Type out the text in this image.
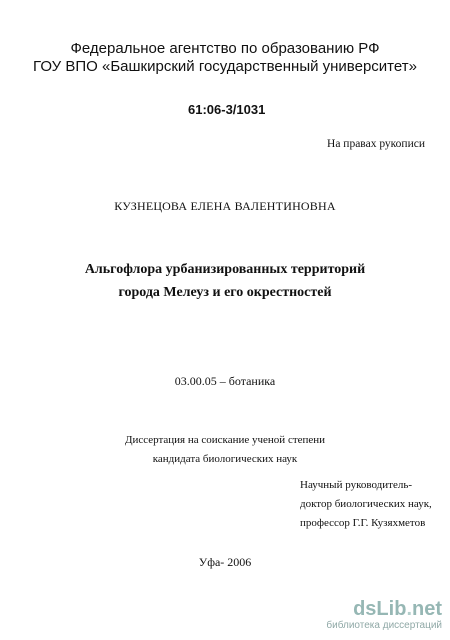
Федеральное агентство по образованию РФ
ГОУ ВПО «Башкирский государственный университет»
61:06-3/1031
На правах рукописи
КУЗНЕЦОВА ЕЛЕНА ВАЛЕНТИНОВНА
Альгофлора урбанизированных территорий
города Мелеуз и его окрестностей
03.00.05 – ботаника
Диссертация на соискание ученой степени
кандидата биологических наук
Научный руководитель-
доктор биологических наук,
профессор Г.Г. Кузяхметов
Уфа- 2006
dsLib.net
библиотека диссертаций
